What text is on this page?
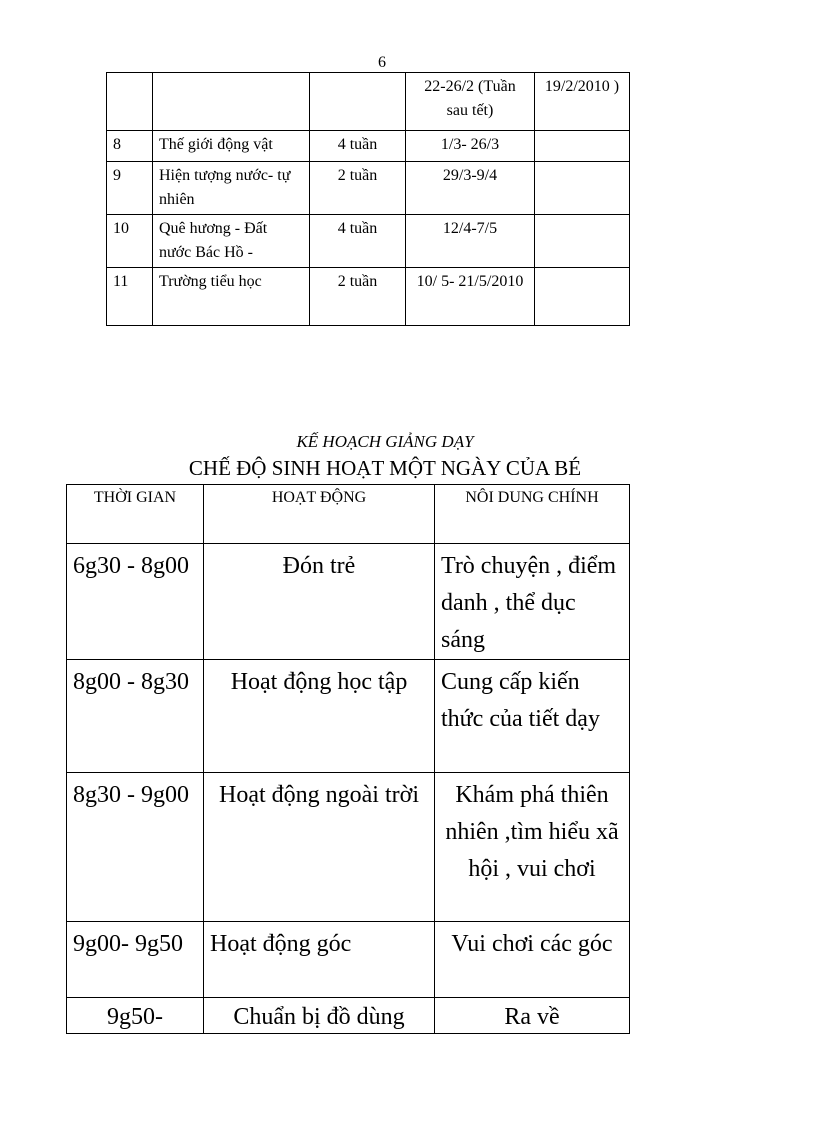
6
			22-26/2 (Tuần sau tết)	19/2/2010 )
8	Thế giới động vật	4 tuần	1/3- 26/3	
9	Hiện tượng nước- tự nhiên	2 tuần	29/3-9/4	
10	Quê hương - Đất nước Bác Hồ -	4 tuần	12/4-7/5	
11	Trường tiểu học	2 tuần	10/ 5- 21/5/2010	
KẾ HOẠCH GIẢNG DẠY
CHẾ ĐỘ SINH HOẠT MỘT NGÀY CỦA BÉ
THỜI GIAN	HOẠT ĐỘNG	NÔI DUNG CHÍNH
6g30 - 8g00	Đón trẻ	Trò chuyện , điểm danh , thể dục sáng
8g00 - 8g30	Hoạt động học tập	Cung cấp kiến thức của tiết dạy
8g30 - 9g00	Hoạt động ngoài trời	Khám phá thiên nhiên ,tìm hiểu xã hội , vui chơi
9g00- 9g50	Hoạt động góc	Vui chơi các góc
9g50-	Chuẩn bị đồ dùng	Ra về
